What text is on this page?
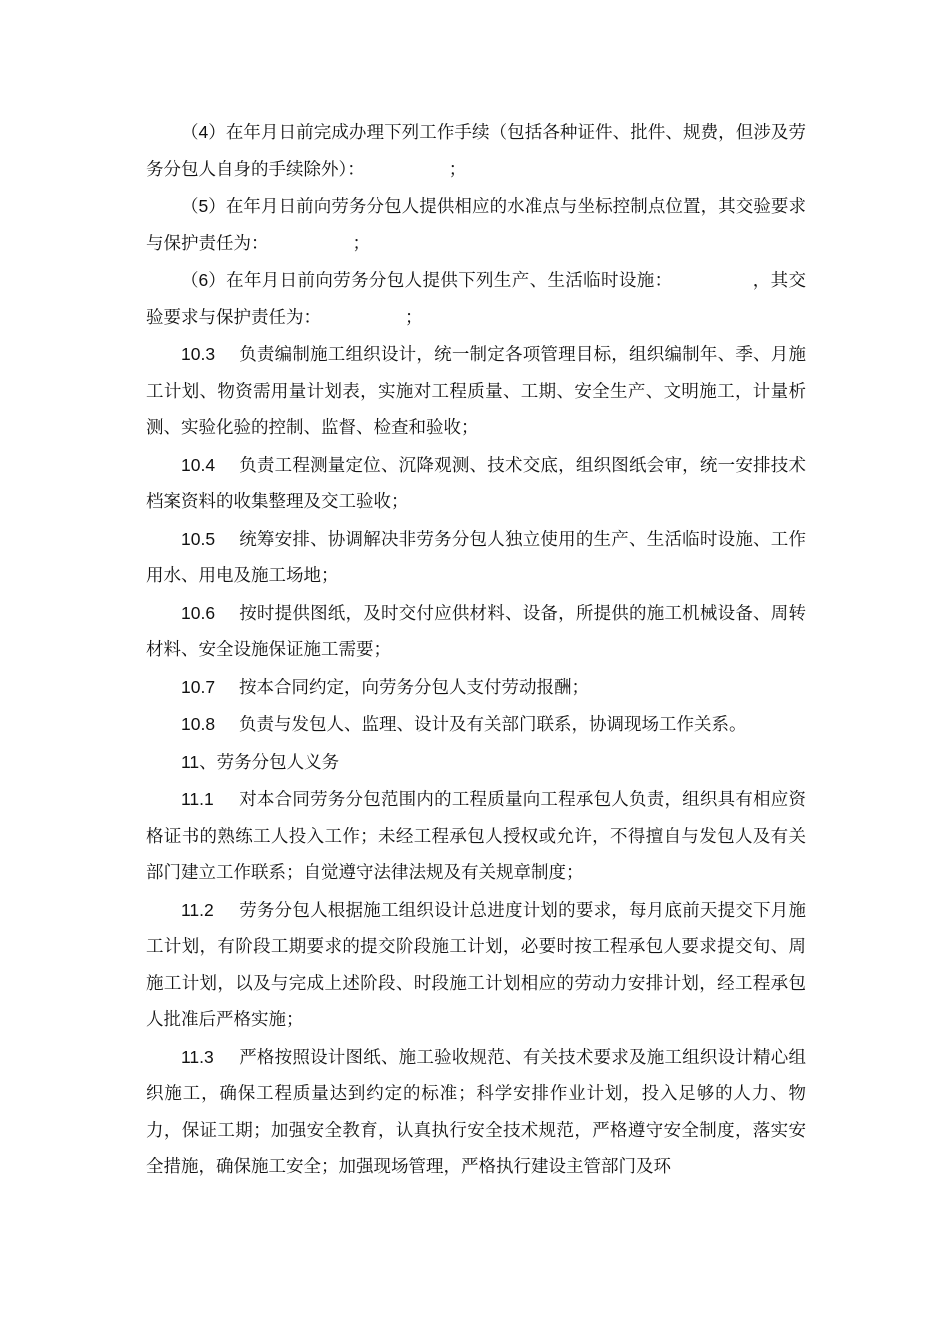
（4）在年月日前完成办理下列工作手续（包括各种证件、批件、规费，但涉及劳务分包人自身的手续除外）：	；

（5）在年月日前向劳务分包人提供相应的水准点与坐标控制点位置，其交验要求与保护责任为：	；

（6）在年月日前向劳务分包人提供下列生产、生活临时设施：	，其交验要求与保护责任为：	；

10.3 负责编制施工组织设计，统一制定各项管理目标，组织编制年、季、月施工计划、物资需用量计划表，实施对工程质量、工期、安全生产、文明施工，计量析测、实验化验的控制、监督、检查和验收；

10.4 负责工程测量定位、沉降观测、技术交底，组织图纸会审，统一安排技术档案资料的收集整理及交工验收；

10.5 统筹安排、协调解决非劳务分包人独立使用的生产、生活临时设施、工作用水、用电及施工场地；

10.6 按时提供图纸，及时交付应供材料、设备，所提供的施工机械设备、周转材料、安全设施保证施工需要；

10.7 按本合同约定，向劳务分包人支付劳动报酬；

10.8 负责与发包人、监理、设计及有关部门联系，协调现场工作关系。

11、劳务分包人义务

11.1 对本合同劳务分包范围内的工程质量向工程承包人负责，组织具有相应资格证书的熟练工人投入工作；未经工程承包人授权或允许，不得擅自与发包人及有关部门建立工作联系；自觉遵守法律法规及有关规章制度；

11.2 劳务分包人根据施工组织设计总进度计划的要求，每月底前天提交下月施工计划，有阶段工期要求的提交阶段施工计划，必要时按工程承包人要求提交旬、周施工计划，以及与完成上述阶段、时段施工计划相应的劳动力安排计划，经工程承包人批准后严格实施；

11.3 严格按照设计图纸、施工验收规范、有关技术要求及施工组织设计精心组织施工，确保工程质量达到约定的标准；科学安排作业计划，投入足够的人力、物力，保证工期；加强安全教育，认真执行安全技术规范，严格遵守安全制度，落实安全措施，确保施工安全；加强现场管理，严格执行建设主管部门及环
